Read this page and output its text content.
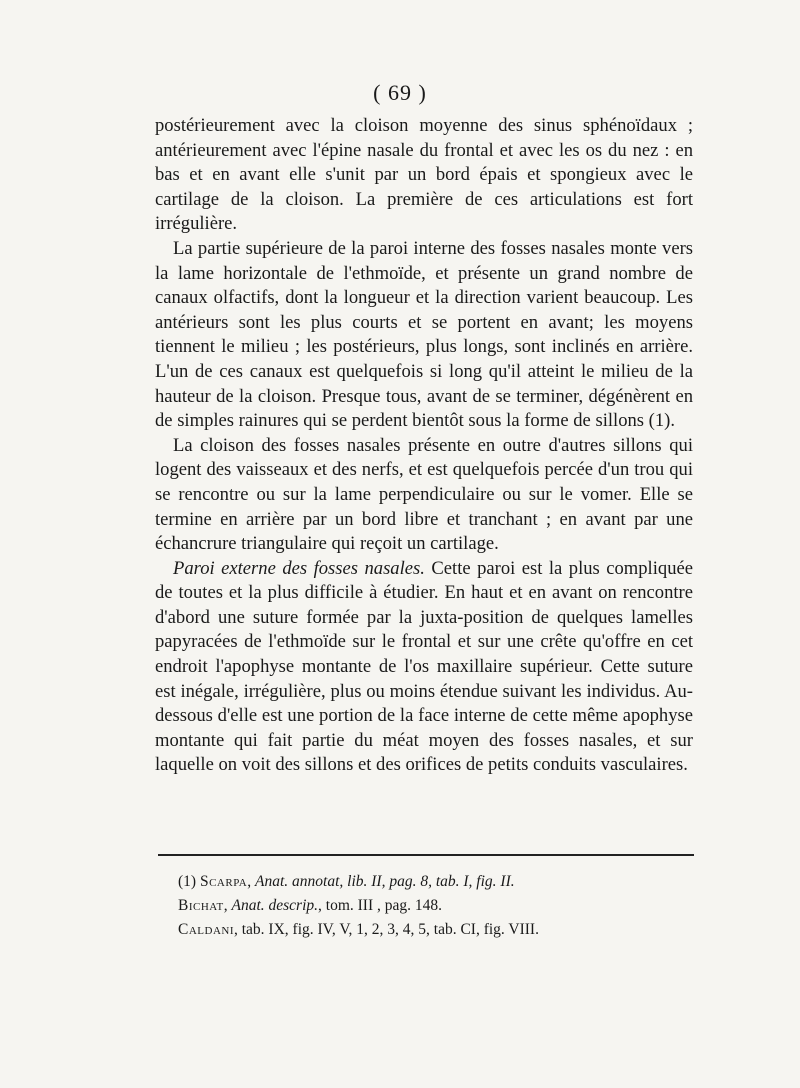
( 69 )

postérieurement avec la cloison moyenne des sinus sphénoïdaux ; antérieurement avec l'épine nasale du frontal et avec les os du nez : en bas et en avant elle s'unit par un bord épais et spongieux avec le cartilage de la cloison. La première de ces articulations est fort irrégulière.

La partie supérieure de la paroi interne des fosses nasales monte vers la lame horizontale de l'ethmoïde, et présente un grand nombre de canaux olfactifs, dont la longueur et la direction varient beaucoup. Les antérieurs sont les plus courts et se portent en avant; les moyens tiennent le milieu ; les postérieurs, plus longs, sont inclinés en arrière. L'un de ces canaux est quelquefois si long qu'il atteint le milieu de la hauteur de la cloison. Presque tous, avant de se terminer, dégénèrent en de simples rainures qui se perdent bientôt sous la forme de sillons (1).

La cloison des fosses nasales présente en outre d'autres sillons qui logent des vaisseaux et des nerfs, et est quelquefois percée d'un trou qui se rencontre ou sur la lame perpendiculaire ou sur le vomer. Elle se termine en arrière par un bord libre et tranchant ; en avant par une échancrure triangulaire qui reçoit un cartilage.

Paroi externe des fosses nasales. Cette paroi est la plus compliquée de toutes et la plus difficile à étudier. En haut et en avant on rencontre d'abord une suture formée par la juxta-position de quelques lamelles papyracées de l'ethmoïde sur le frontal et sur une crête qu'offre en cet endroit l'apophyse montante de l'os maxillaire supérieur. Cette suture est inégale, irrégulière, plus ou moins étendue suivant les individus. Au-dessous d'elle est une portion de la face interne de cette même apophyse montante qui fait partie du méat moyen des fosses nasales, et sur laquelle on voit des sillons et des orifices de petits conduits vasculaires.

(1) Scarpa, Anat. annotat, lib. II, pag. 8, tab. I, fig. II.

Bichat, Anat. descrip., tom. III , pag. 148.

Caldani, tab. IX, fig. IV, V, 1, 2, 3, 4, 5, tab. CI, fig. VIII.
